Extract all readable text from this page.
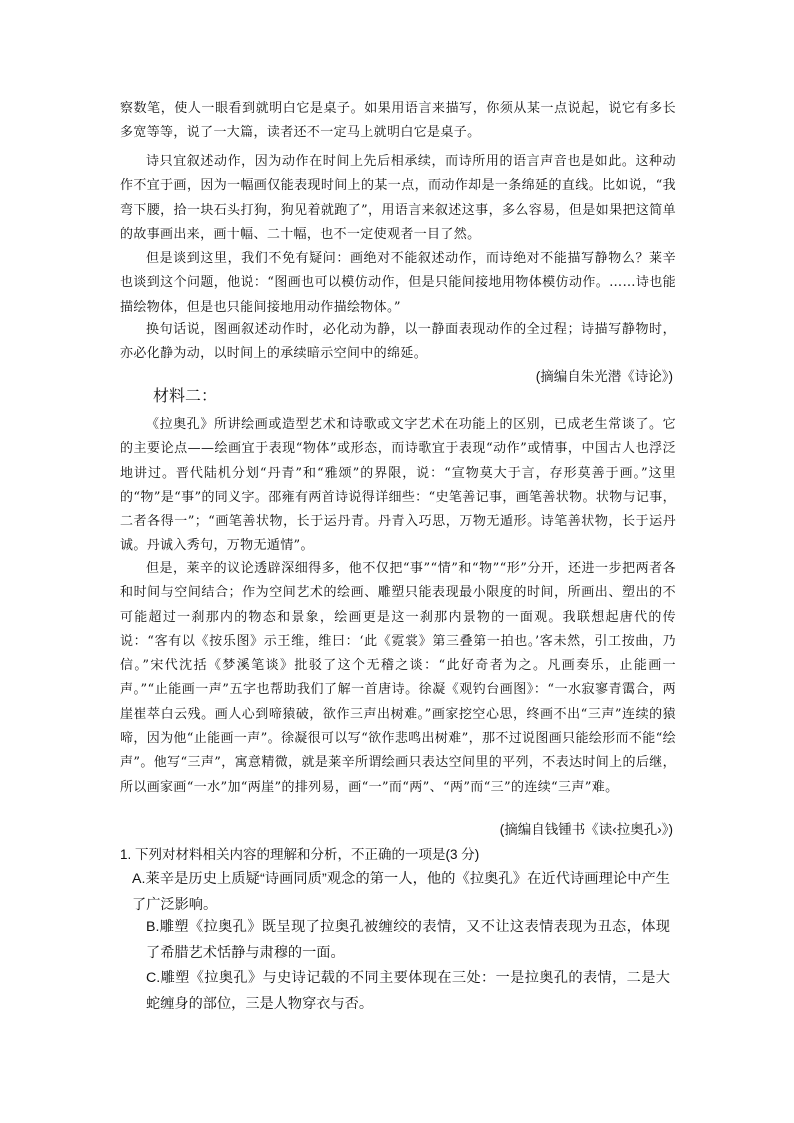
察数笔，使人一眼看到就明白它是桌子。如果用语言来描写，你须从某一点说起，说它有多长多宽等等，说了一大篇，读者还不一定马上就明白它是桌子。

诗只宜叙述动作，因为动作在时间上先后相承续，而诗所用的语言声音也是如此。这种动作不宜于画，因为一幅画仅能表现时间上的某一点，而动作却是一条绵延的直线。比如说，“我弯下腰，拾一块石头打狗，狗见着就跑了”，用语言来叙述这事，多么容易，但是如果把这简单的故事画出来，画十幅、二十幅，也不一定使观者一目了然。

但是谈到这里，我们不免有疑问：画绝对不能叙述动作，而诗绝对不能描写静物么？莱辛也谈到这个问题，他说：“图画也可以模仿动作，但是只能间接地用物体模仿动作。……诗也能描绘物体，但是也只能间接地用动作描绘物体。”

换句话说，图画叙述动作时，必化动为静，以一静面表现动作的全过程；诗描写静物时，亦必化静为动，以时间上的承续暗示空间中的绵延。

(摘编自朱光潜《诗论》)

材料二：

《拉奥孔》所讲绘画或造型艺术和诗歌或文字艺术在功能上的区别，已成老生常谈了。它的主要论点——绘画宜于表现“物体”或形态，而诗歌宜于表现“动作”或情事，中国古人也浮泛地讲过。晋代陆机分划“丹青”和“雅颂”的界限，说：“宣物莫大于言，存形莫善于画。”这里的“物”是“事”的同义字。邵雍有两首诗说得详细些：“史笔善记事，画笔善状物。状物与记事，二者各得一”；“画笔善状物，长于运丹青。丹青入巧思，万物无遁形。诗笔善状物，长于运丹诚。丹诚入秀句，万物无遁情”。

但是，莱辛的议论透辟深细得多，他不仅把“事”“情”和“物”“形”分开，还进一步把两者各和时间与空间结合；作为空间艺术的绘画、雕塑只能表现最小限度的时间，所画出、塑出的不可能超过一刹那内的物态和景象，绘画更是这一刹那内景物的一面观。我联想起唐代的传说：“客有以《按乐图》示王维，维曰：‘此《霓裳》第三叠第一拍也。’客未然，引工按曲，乃信。”宋代沈括《梦溪笔谈》批驳了这个无稽之谈：“此好奇者为之。凡画奏乐，止能画一声。”“止能画一声”五字也帮助我们了解一首唐诗。徐凝《观钓台画图》：“一水寂寥青霭合，两崖崔萃白云残。画人心到啼猿破，欲作三声出树难。”画家挖空心思，终画不出“三声”连续的猿啼，因为他“止能画一声”。徐凝很可以写“欲作悲鸣出树难”，那不过说图画只能绘形而不能“绘声”。他写“三声”，寓意精微，就是莱辛所谓绘画只表达空间里的平列，不表达时间上的后继，所以画家画“一水”加“两崖”的排列易，画“一”而“两”、“两”而“三”的连续“三声”难。

(摘编自钱锺书《读‹拉奥孔›》)

1. 下列对材料相关内容的理解和分析，不正确的一项是(3 分)

A.莱辛是历史上质疑“诗画同质”观念的第一人，他的《拉奥孔》在近代诗画理论中产生了广泛影响。

B.雕塑《拉奥孔》既呈现了拉奥孔被缠绞的表情，又不让这表情表现为丑态，体现了希腊艺术恬静与肃穆的一面。

C.雕塑《拉奥孔》与史诗记载的不同主要体现在三处：一是拉奥孔的表情，二是大蛇缠身的部位，三是人物穿衣与否。
